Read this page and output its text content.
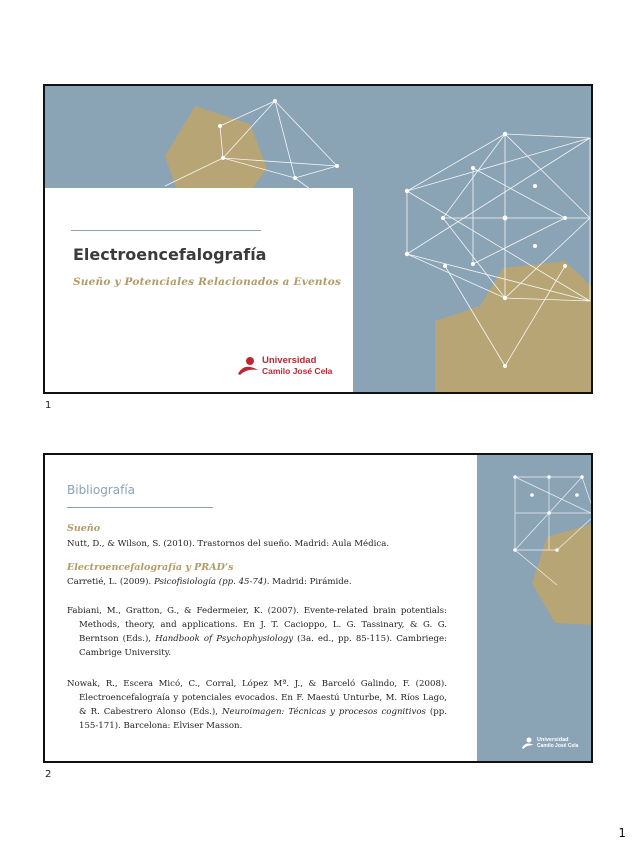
Electroencefalografía
Sueño y Potenciales Relacionados a Eventos
Universidad
Camilo José Cela
1
Bibliografía
Sueño
Nutt, D., & Wilson, S. (2010). Trastornos del sueño. Madrid: Aula Médica.
Electroencefalografía y PRAD’s
Carretié, L. (2009). Psicofisiología (pp. 45-74). Madrid: Pirámide.
Fabiani, M., Gratton, G., & Federmeier, K. (2007). Evente-related brain potentials: Methods, theory, and applications. En J. T. Cacioppo, L. G. Tassinary, & G. G. Berntson (Eds.), Handbook of Psychophysiology (3a. ed., pp. 85-115). Cambriege: Cambrige University.
Nowak, R., Escera Micó, C., Corral, López Mª. J., & Barceló Galindo, F. (2008). Electroencefalograía y potenciales evocados. En F. Maestú Unturbe, M. Ríos Lago, & R. Cabestrero Alonso (Eds.), Neuroimagen: Técnicas y procesos cognitivos (pp. 155-171). Barcelona: Elviser Masson.
Universidad
Camilo José Cela
2
1
